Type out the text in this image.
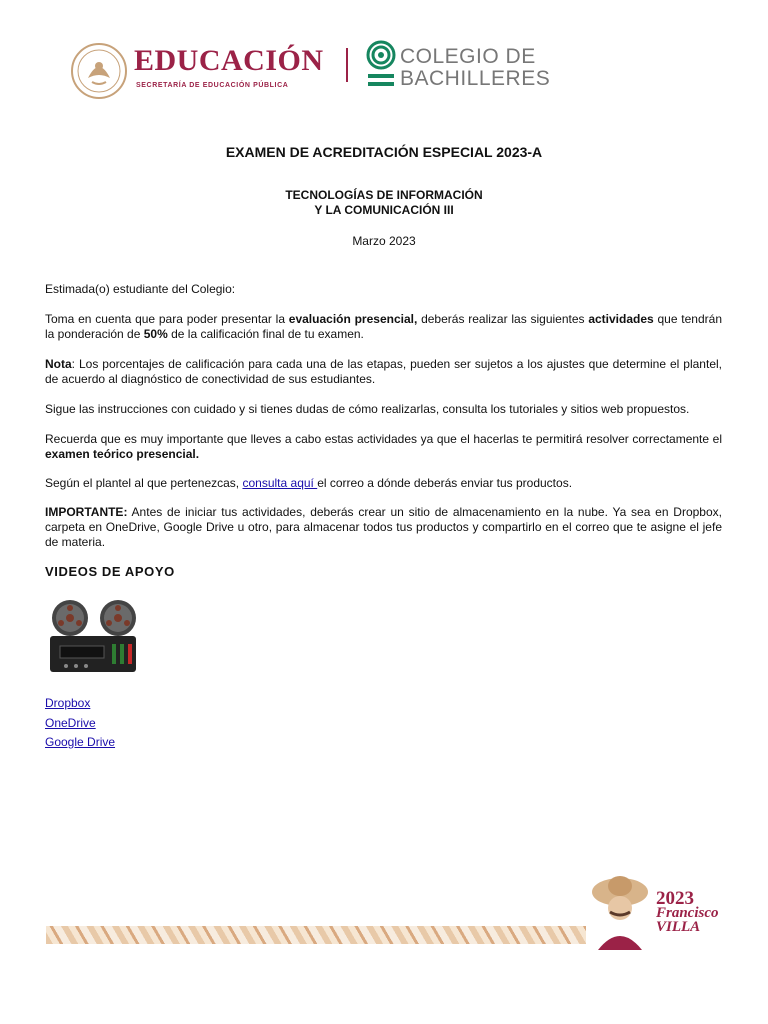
EDUCACIÓN
SECRETARÍA DE EDUCACIÓN PÚBLICA
COLEGIO DE
BACHILLERES
EXAMEN DE ACREDITACIÓN ESPECIAL 2023-A
TECNOLOGÍAS DE INFORMACIÓN
Y LA COMUNICACIÓN III
Marzo 2023

Estimada(o) estudiante del Colegio:

Toma en cuenta que para poder presentar la evaluación presencial, deberás realizar las siguientes actividades que tendrán la ponderación de 50% de la calificación final de tu examen.

Nota: Los porcentajes de calificación para cada una de las etapas, pueden ser sujetos a los ajustes que determine el plantel, de acuerdo al diagnóstico de conectividad de sus estudiantes.

Sigue las instrucciones con cuidado y si tienes dudas de cómo realizarlas, consulta los tutoriales y sitios web propuestos.

Recuerda que es muy importante que lleves a cabo estas actividades ya que el hacerlas te permitirá resolver correctamente el examen teórico presencial.

Según el plantel al que pertenezcas, consulta aquí el correo a dónde deberás enviar tus productos.

IMPORTANTE: Antes de iniciar tus actividades, deberás crear un sitio de almacenamiento en la nube. Ya sea en Dropbox, carpeta en OneDrive, Google Drive u otro, para almacenar todos tus productos y compartirlo en el correo que te asigne el jefe de materia.

VIDEOS DE APOYO
Dropbox
OneDrive
Google Drive
2023
Francisco
VILLA
